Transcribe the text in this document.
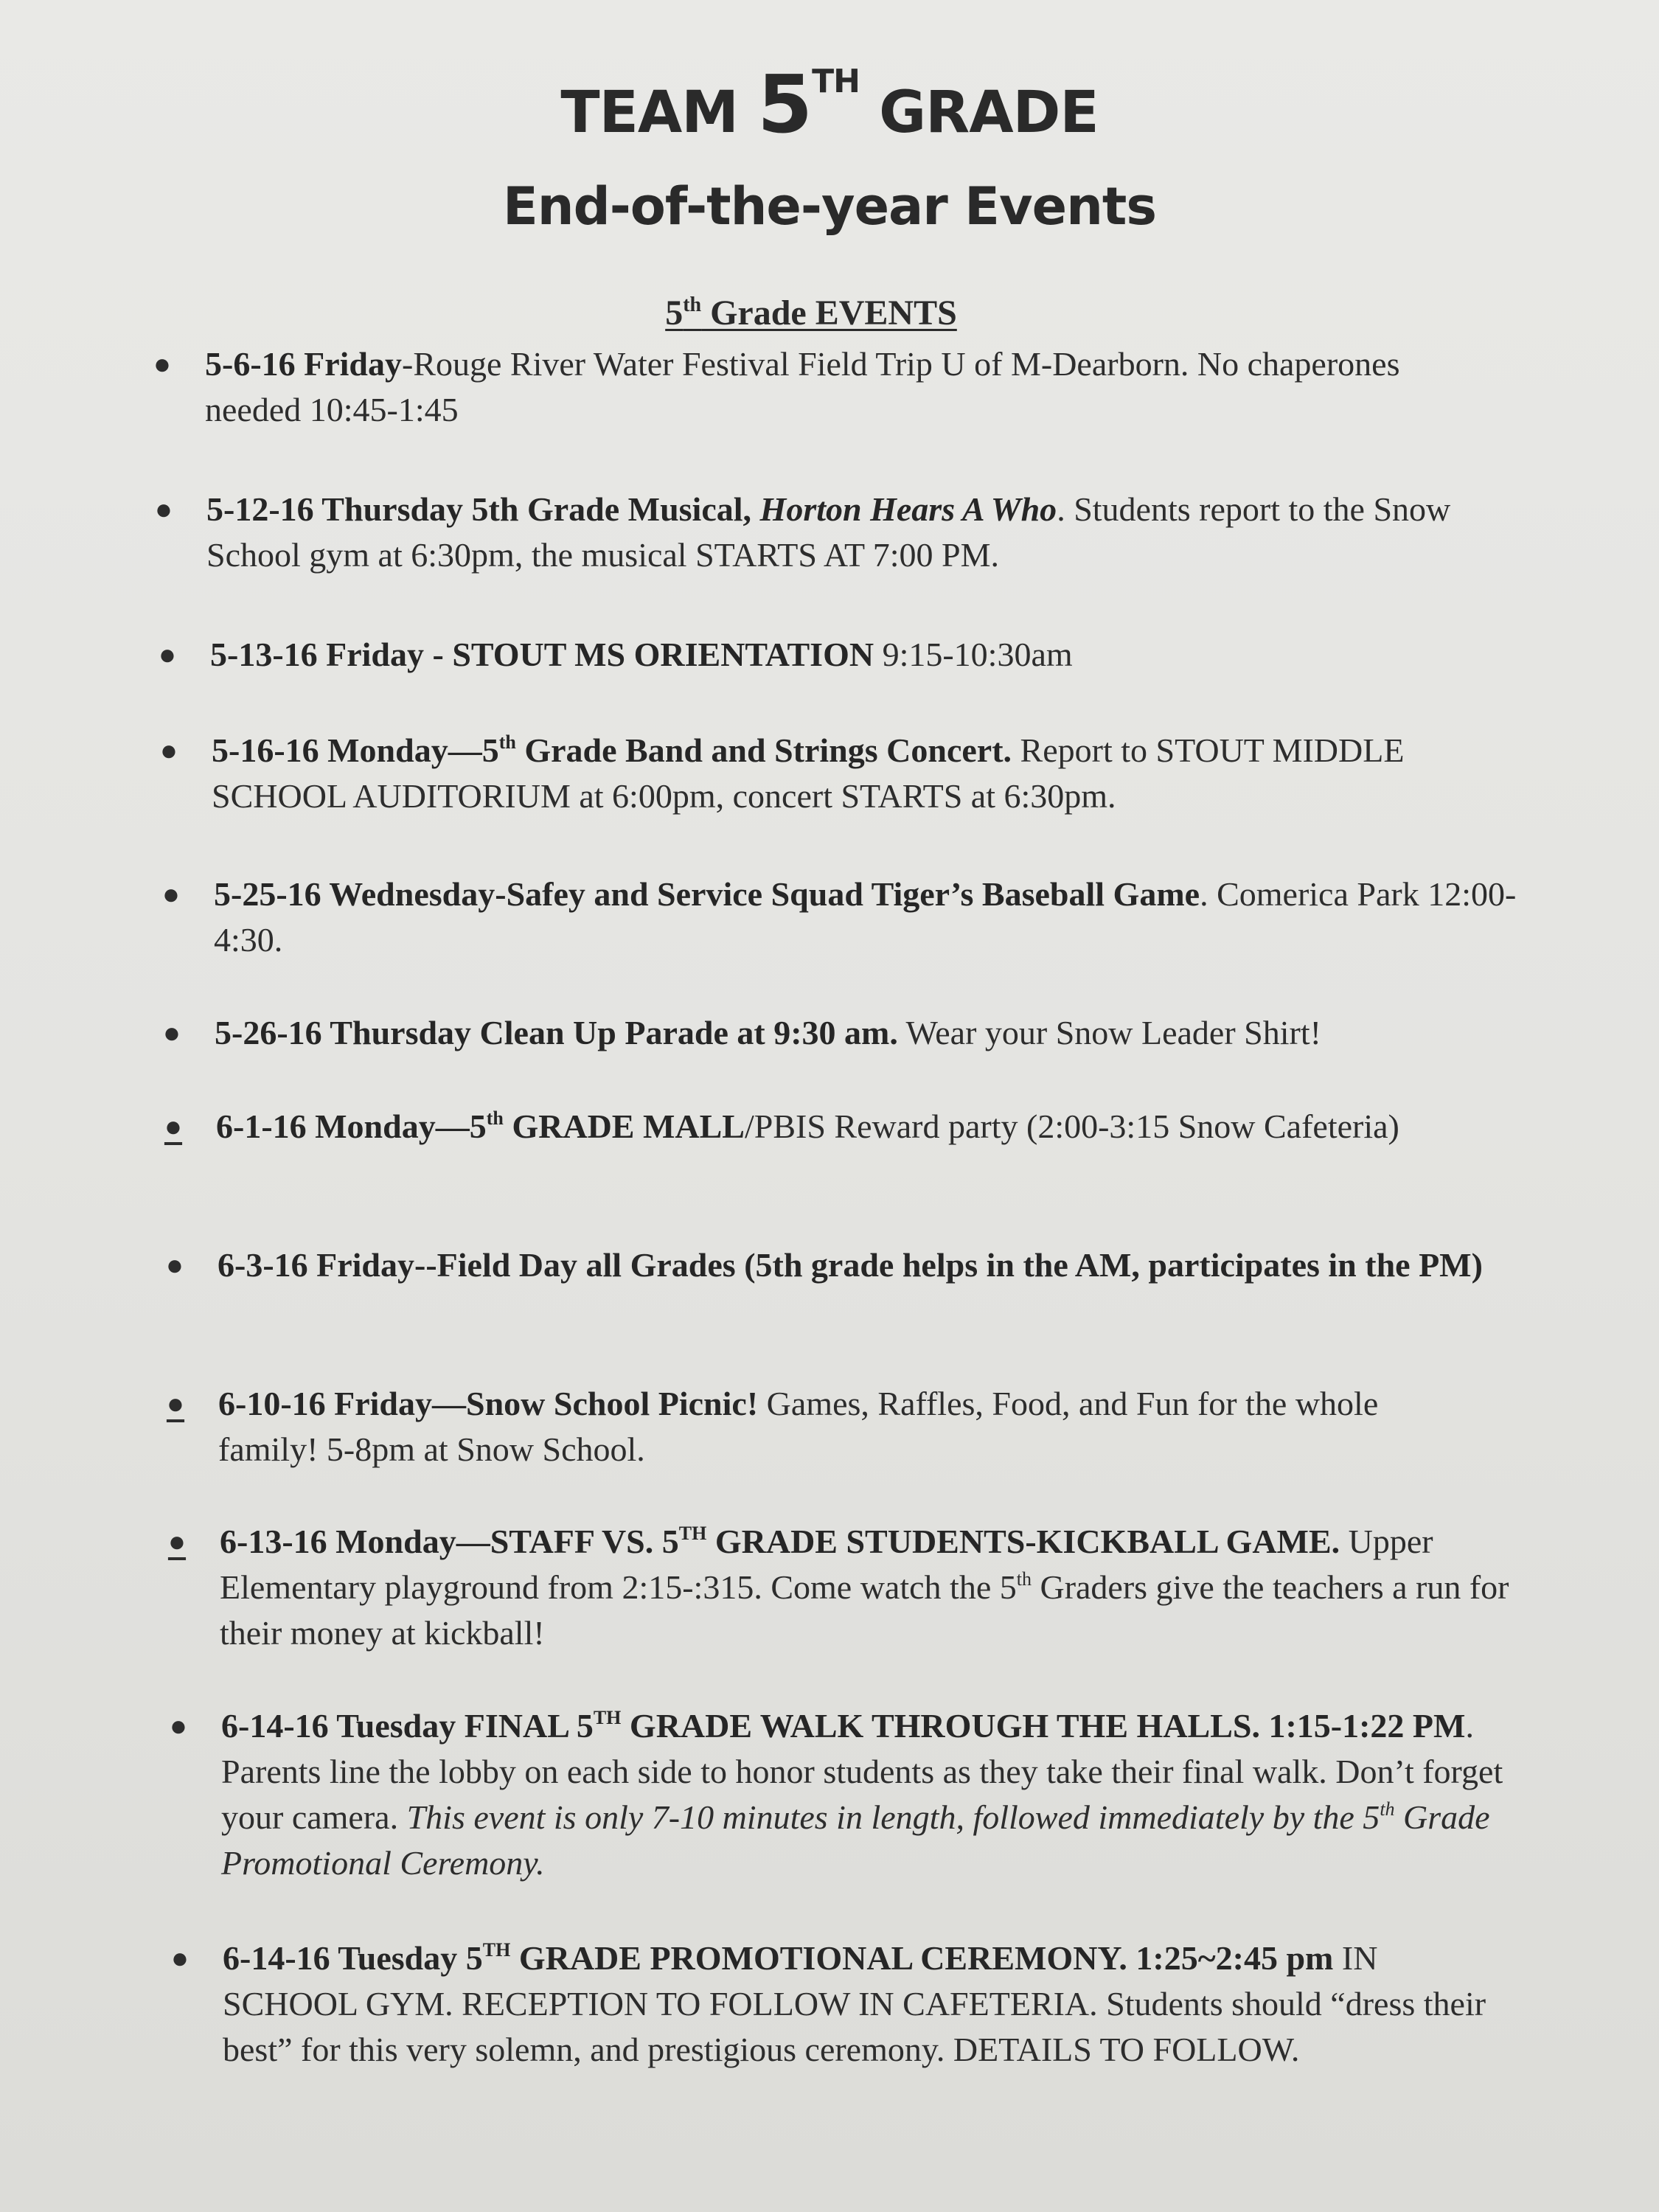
TEAM 5TH GRADE
End-of-the-year Events
5th Grade EVENTS
● 5-6-16 Friday-Rouge River Water Festival Field Trip U of M-Dearborn. No chaperones needed 10:45-1:45
● 5-12-16 Thursday 5th Grade Musical, Horton Hears A Who. Students report to the Snow School gym at 6:30pm, the musical STARTS AT 7:00 PM.
● 5-13-16 Friday - STOUT MS ORIENTATION 9:15-10:30am
● 5-16-16 Monday—5th Grade Band and Strings Concert. Report to STOUT MIDDLE SCHOOL AUDITORIUM at 6:00pm, concert STARTS at 6:30pm.
● 5-25-16 Wednesday-Safey and Service Squad Tiger’s Baseball Game. Comerica Park 12:00-4:30.
● 5-26-16 Thursday Clean Up Parade at 9:30 am. Wear your Snow Leader Shirt!
● 6-1-16 Monday—5th GRADE MALL/PBIS Reward party (2:00-3:15 Snow Cafeteria)
● 6-3-16 Friday--Field Day all Grades (5th grade helps in the AM, participates in the PM)
● 6-10-16 Friday—Snow School Picnic! Games, Raffles, Food, and Fun for the whole family! 5-8pm at Snow School.
● 6-13-16 Monday—STAFF VS. 5TH GRADE STUDENTS-KICKBALL GAME. Upper Elementary playground from 2:15-:315. Come watch the 5th Graders give the teachers a run for their money at kickball!
● 6-14-16 Tuesday FINAL 5TH GRADE WALK THROUGH THE HALLS. 1:15-1:22 PM. Parents line the lobby on each side to honor students as they take their final walk. Don’t forget your camera. This event is only 7-10 minutes in length, followed immediately by the 5th Grade Promotional Ceremony.
● 6-14-16 Tuesday 5TH GRADE PROMOTIONAL CEREMONY. 1:25~2:45 pm IN SCHOOL GYM. RECEPTION TO FOLLOW IN CAFETERIA. Students should “dress their best” for this very solemn, and prestigious ceremony. DETAILS TO FOLLOW.
